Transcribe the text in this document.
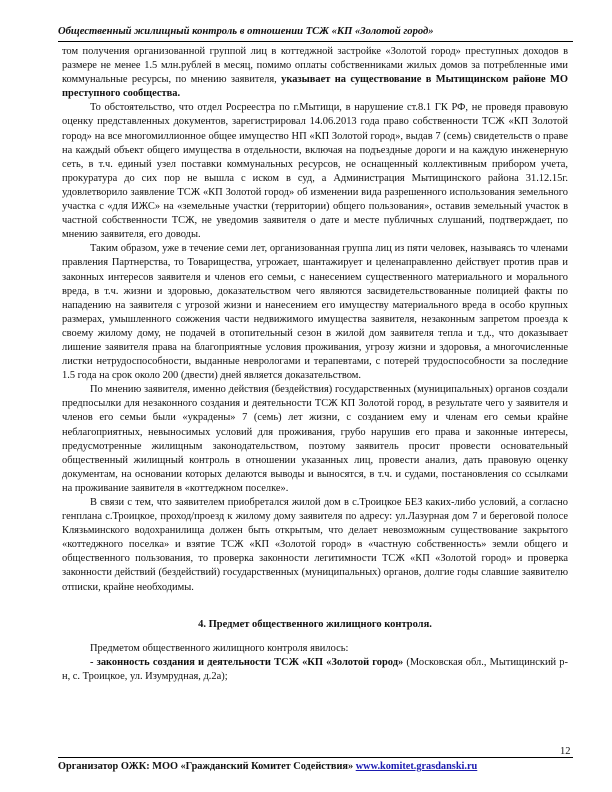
Общественный жилищный контроль в отношении ТСЖ «КП «Золотой город»

том получения организованной группой лиц в коттеджной застройке «Золотой город» преступных доходов в размере не менее 1.5 млн.рублей в месяц, помимо оплаты собственниками жилых домов за потребленные ими коммунальные ресурсы, по мнению заявителя, указывает на существование в Мытищинском районе МО преступного сообщества.

То обстоятельство, что отдел Росреестра по г.Мытищи, в нарушение ст.8.1 ГК РФ, не проведя правовую оценку представленных документов, зарегистрировал 14.06.2013 года право собственности ТСЖ «КП Золотой город» на все многомиллионное общее имущество НП «КП Золотой город», выдав 7 (семь) свидетельств о праве на каждый объект общего имущества в отдельности, включая на подъездные дороги и на каждую инженерную сеть, в т.ч. единый узел поставки коммунальных ресурсов, не оснащенный коллективным прибором учета, прокуратура до сих пор не вышла с иском в суд, а Администрация Мытищинского района 31.12.15г. удовлетворило заявление ТСЖ «КП Золотой город» об изменении вида разрешенного использования земельного участка с «для ИЖС» на «земельные участки (территории) общего пользования», оставив земельный участок в частной собственности ТСЖ, не уведомив заявителя о дате и месте публичных слушаний, подтверждает, по мнению заявителя, его доводы.

Таким образом, уже в течение семи лет, организованная группа лиц из пяти человек, называясь то членами правления Партнерства, то Товарищества, угрожает, шантажирует и целенаправленно действует против прав и законных интересов заявителя и членов его семьи, с нанесением существенного материального и морального вреда, в т.ч. жизни и здоровью, доказательством чего являются засвидетельствованные полицией факты по нападению на заявителя с угрозой жизни и нанесением его имуществу материального вреда в особо крупных размерах, умышленного сожжения части недвижимого имущества заявителя, незаконным запретом проезда к своему жилому дому, не подачей в отопительный сезон в жилой дом заявителя тепла и т.д., что доказывает лишение заявителя права на благоприятные условия проживания, угрозу жизни и здоровья, а многочисленные листки нетрудоспособности, выданные неврологами и терапевтами, с потерей трудоспособности за последние 1.5 года на срок около 200 (двести) дней является доказательством.

По мнению заявителя, именно действия (бездействия) государственных (муниципальных) органов создали предпосылки для незаконного создания и деятельности ТСЖ КП Золотой город, в результате чего у заявителя и членов его семьи были «украдены» 7 (семь) лет жизни, с созданием ему и членам его семьи крайне неблагоприятных, невыносимых условий для проживания, грубо нарушив его права и законные интересы, предусмотренные жилищным законодательством, поэтому заявитель просит провести основательный общественный жилищный контроль в отношении указанных лиц, провести анализ, дать правовую оценку документам, на основании которых делаются выводы и выносятся, в т.ч. и судами, постановления со ссылками на проживание заявителя в «коттеджном поселке».

В связи с тем, что заявителем приобретался жилой дом в с.Троицкое БЕЗ каких-либо условий, а согласно генплана с.Троицкое, проход/проезд к жилому дому заявителя по адресу: ул.Лазурная дом 7 и береговой полосе Клязьминского водохранилища должен быть открытым, что делает невозможным существование закрытого «коттеджного поселка» и взятие ТСЖ «КП «Золотой город» в «частную собственность» земли общего и общественного пользования, то проверка законности легитимности ТСЖ «КП «Золотой город» и проверка законности действий (бездействий) государственных (муниципальных) органов, долгие годы славшие заявителю отписки, крайне необходимы.

4. Предмет общественного жилищного контроля.

Предметом общественного жилищного контроля явилось:

- законность создания и деятельности ТСЖ «КП «Золотой город» (Московская обл., Мытищинский р-н, с. Троицкое, ул. Изумрудная, д.2а);

12
Организатор ОЖК: МОО «Гражданский Комитет Содействия» www.komitet.grasdanski.ru
